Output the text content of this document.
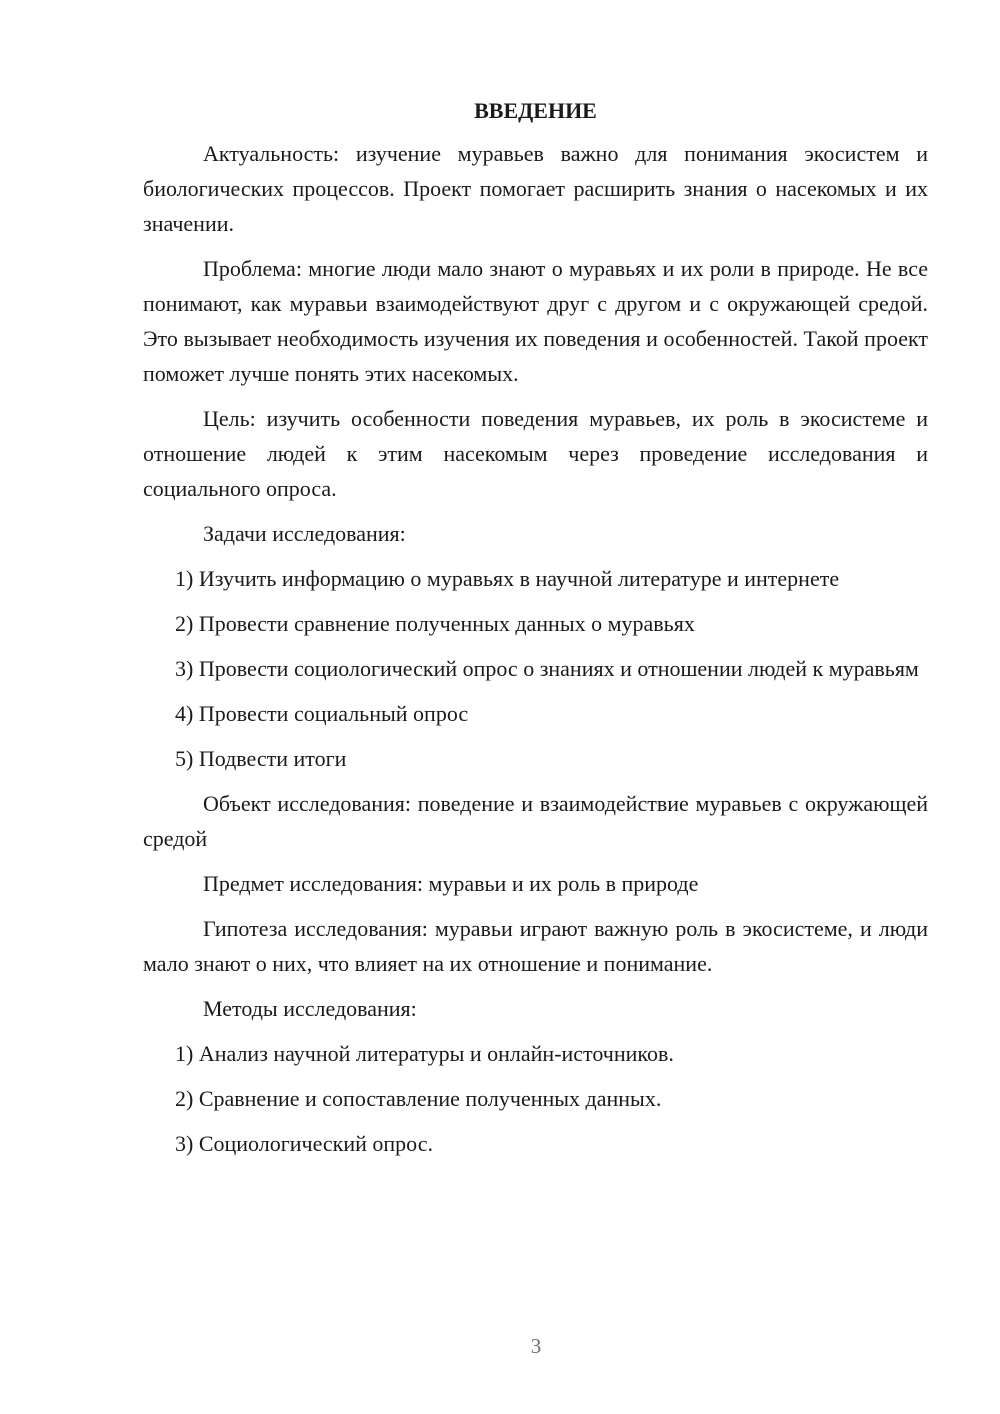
ВВЕДЕНИЕ

Актуальность: изучение муравьев важно для понимания экосистем и биологических процессов. Проект помогает расширить знания о насекомых и их значении.

Проблема: многие люди мало знают о муравьях и их роли в природе. Не все понимают, как муравьи взаимодействуют друг с другом и с окружающей средой. Это вызывает необходимость изучения их поведения и особенностей. Такой проект поможет лучше понять этих насекомых.

Цель: изучить особенности поведения муравьев, их роль в экосистеме и отношение людей к этим насекомым через проведение исследования и социального опроса.

Задачи исследования:

1) Изучить информацию о муравьях в научной литературе и интернете

2) Провести сравнение полученных данных о муравьях

3) Провести социологический опрос о знаниях и отношении людей к муравьям

4) Провести социальный опрос

5) Подвести итоги

Объект исследования: поведение и взаимодействие муравьев с окружающей средой

Предмет исследования: муравьи и их роль в природе

Гипотеза исследования: муравьи играют важную роль в экосистеме, и люди мало знают о них, что влияет на их отношение и понимание.

Методы исследования:

1) Анализ научной литературы и онлайн-источников.

2) Сравнение и сопоставление полученных данных.

3) Социологический опрос.

3
